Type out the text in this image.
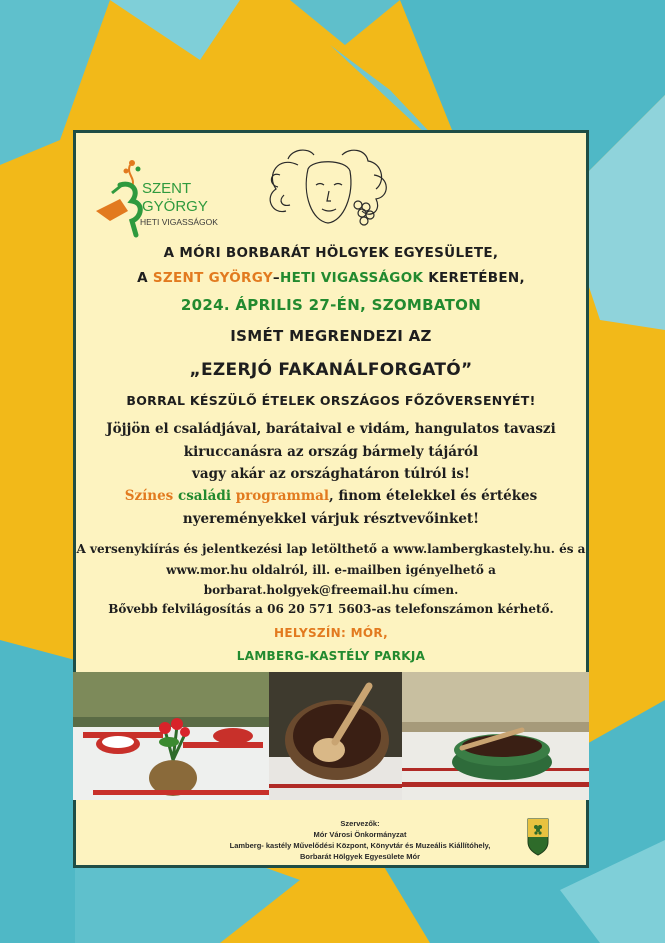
SZENT
GYÖRGY
HETI VIGASSÁGOK
A MÓRI BORBARÁT HÖLGYEK EGYESÜLETE,
A SZENT GYÖRGY–HETI VIGASSÁGOK KERETÉBEN,
2024. ÁPRILIS 27-ÉN, SZOMBATON
ISMÉT MEGRENDEZI AZ
„EZERJÓ FAKANÁLFORGATÓ”
BORRAL KÉSZÜLŐ ÉTELEK ORSZÁGOS FŐZŐVERSENYÉT!
Jöjjön el családjával, barátaival e vidám, hangulatos tavaszi
kiruccanásra az ország bármely tájáról
vagy akár az országhatáron túlról is!
Színes családi programmal, finom ételekkel és értékes
nyereményekkel várjuk résztvevőinket!
A versenykiírás és jelentkezési lap letölthető a www.lambergkastely.hu. és a
www.mor.hu oldalról, ill. e-mailben igényelhető a
borbarat.holgyek@freemail.hu címen.
Bővebb felvilágosítás a 06 20 571 5603-as telefonszámon kérhető.
HELYSZÍN: MÓR,
LAMBERG-KASTÉLY PARKJA
Szervezők:
Mór Városi Önkormányzat
Lamberg- kastély Művelődési Központ, Könyvtár és Muzeális Kiállítóhely,
Borbarát Hölgyek Egyesülete Mór
